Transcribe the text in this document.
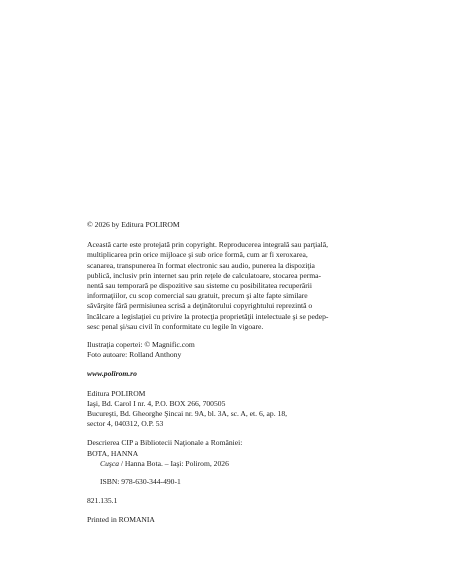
© 2026 by Editura POLIROM

Această carte este protejată prin copyright. Reproducerea integrală sau parţială,
multiplicarea prin orice mijloace şi sub orice formă, cum ar fi xeroxarea,
scanarea, transpunerea în format electronic sau audio, punerea la dispoziţia
publică, inclusiv prin internet sau prin reţele de calculatoare, stocarea perma-
nentă sau temporară pe dispozitive sau sisteme cu posibilitatea recuperării
informaţiilor, cu scop comercial sau gratuit, precum şi alte fapte similare
săvârşite fără permisiunea scrisă a deţinătorului copyrightului reprezintă o
încălcare a legislaţiei cu privire la protecţia proprietăţii intelectuale şi se pedep-
sesc penal şi/sau civil în conformitate cu legile în vigoare.

Ilustraţia copertei: © Magnific.com

Foto autoare: Rolland Anthony

www.polirom.ro

Editura POLIROM

Iaşi, Bd. Carol I nr. 4, P.O. BOX 266, 700505

Bucureşti, Bd. Gheorghe Şincai nr. 9A, bl. 3A, sc. A, et. 6, ap. 18,
sector 4, 040312, O.P. 53

Descrierea CIP a Bibliotecii Naţionale a României:

BOTA, HANNA

Cuşca / Hanna Bota. – Iaşi: Polirom, 2026

ISBN: 978-630-344-490-1

821.135.1

Printed in ROMANIA
